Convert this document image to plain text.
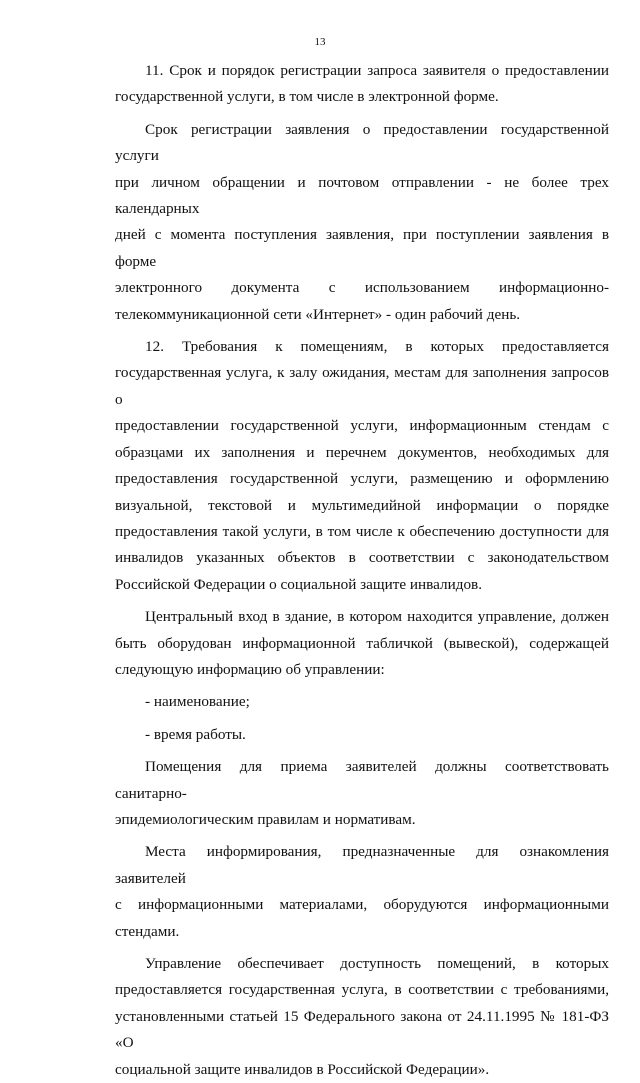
13

11. Срок и порядок регистрации запроса заявителя о предоставлении

государственной услуги, в том числе в электронной форме.

Срок регистрации заявления о предоставлении государственной услуги

при личном обращении и почтовом отправлении - не более трех календарных

дней с момента поступления заявления, при поступлении заявления в форме

электронного документа с использованием информационно-

телекоммуникационной сети «Интернет» - один рабочий день.

12. Требования к помещениям, в которых предоставляется

государственная услуга, к залу ожидания, местам для заполнения запросов о

предоставлении государственной услуги, информационным стендам с

образцами их заполнения и перечнем документов, необходимых для

предоставления государственной услуги, размещению и оформлению

визуальной, текстовой и мультимедийной информации о порядке

предоставления такой услуги, в том числе к обеспечению доступности для

инвалидов указанных объектов в соответствии с законодательством

Российской Федерации о социальной защите инвалидов.

Центральный вход в здание, в котором находится управление, должен

быть оборудован информационной табличкой (вывеской), содержащей

следующую информацию об управлении:

- наименование;

- время работы.

Помещения для приема заявителей должны соответствовать санитарно-

эпидемиологическим правилам и нормативам.

Места информирования, предназначенные для ознакомления заявителей

с информационными материалами, оборудуются информационными

стендами.

Управление обеспечивает доступность помещений, в которых

предоставляется государственная услуга, в соответствии с требованиями,

установленными статьей 15 Федерального закона от 24.11.1995 № 181-ФЗ «О

социальной защите инвалидов в Российской Федерации».
